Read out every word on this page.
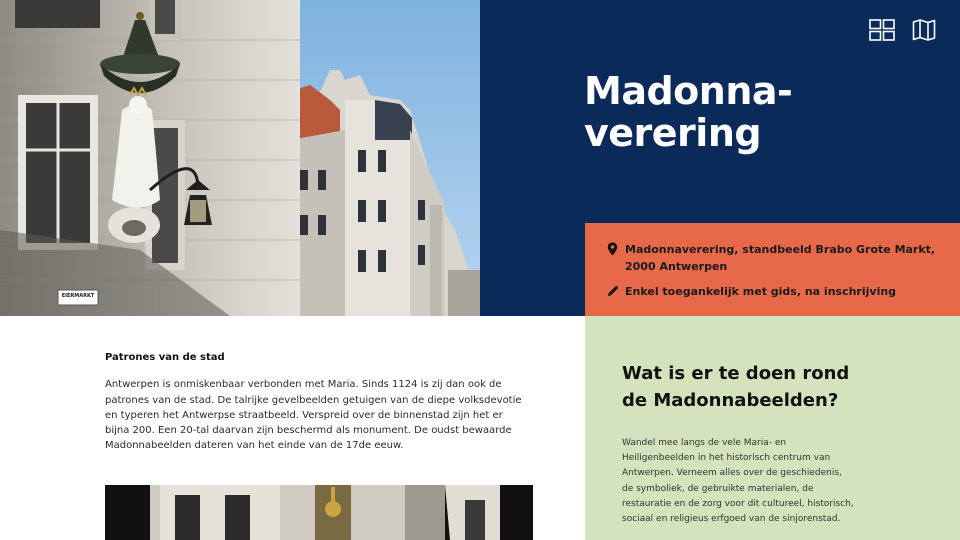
EIERMARKT
Madonna-verering
Madonnaverering, standbeeld Brabo Grote Markt, 2000 Antwerpen
Enkel toegankelijk met gids, na inschrijving
Patrones van de stad

Antwerpen is onmiskenbaar verbonden met Maria. Sinds 1124 is zij dan ook de patrones van de stad. De talrijke gevelbeelden getuigen van de diepe volksdevotie en typeren het Antwerpse straatbeeld. Verspreid over de binnenstad zijn het er bijna 200. Een 20-tal daarvan zijn beschermd als monument. De oudst bewaarde Madonnabeelden dateren van het einde van de 17de eeuw.

Wat is er te doen rond de Madonnabeelden?

Wandel mee langs de vele Maria- en Heiligenbeelden in het historisch centrum van Antwerpen. Verneem alles over de geschiedenis, de symboliek, de gebruikte materialen, de restauratie en de zorg voor dit cultureel, historisch, sociaal en religieus erfgoed van de sinjorenstad.
